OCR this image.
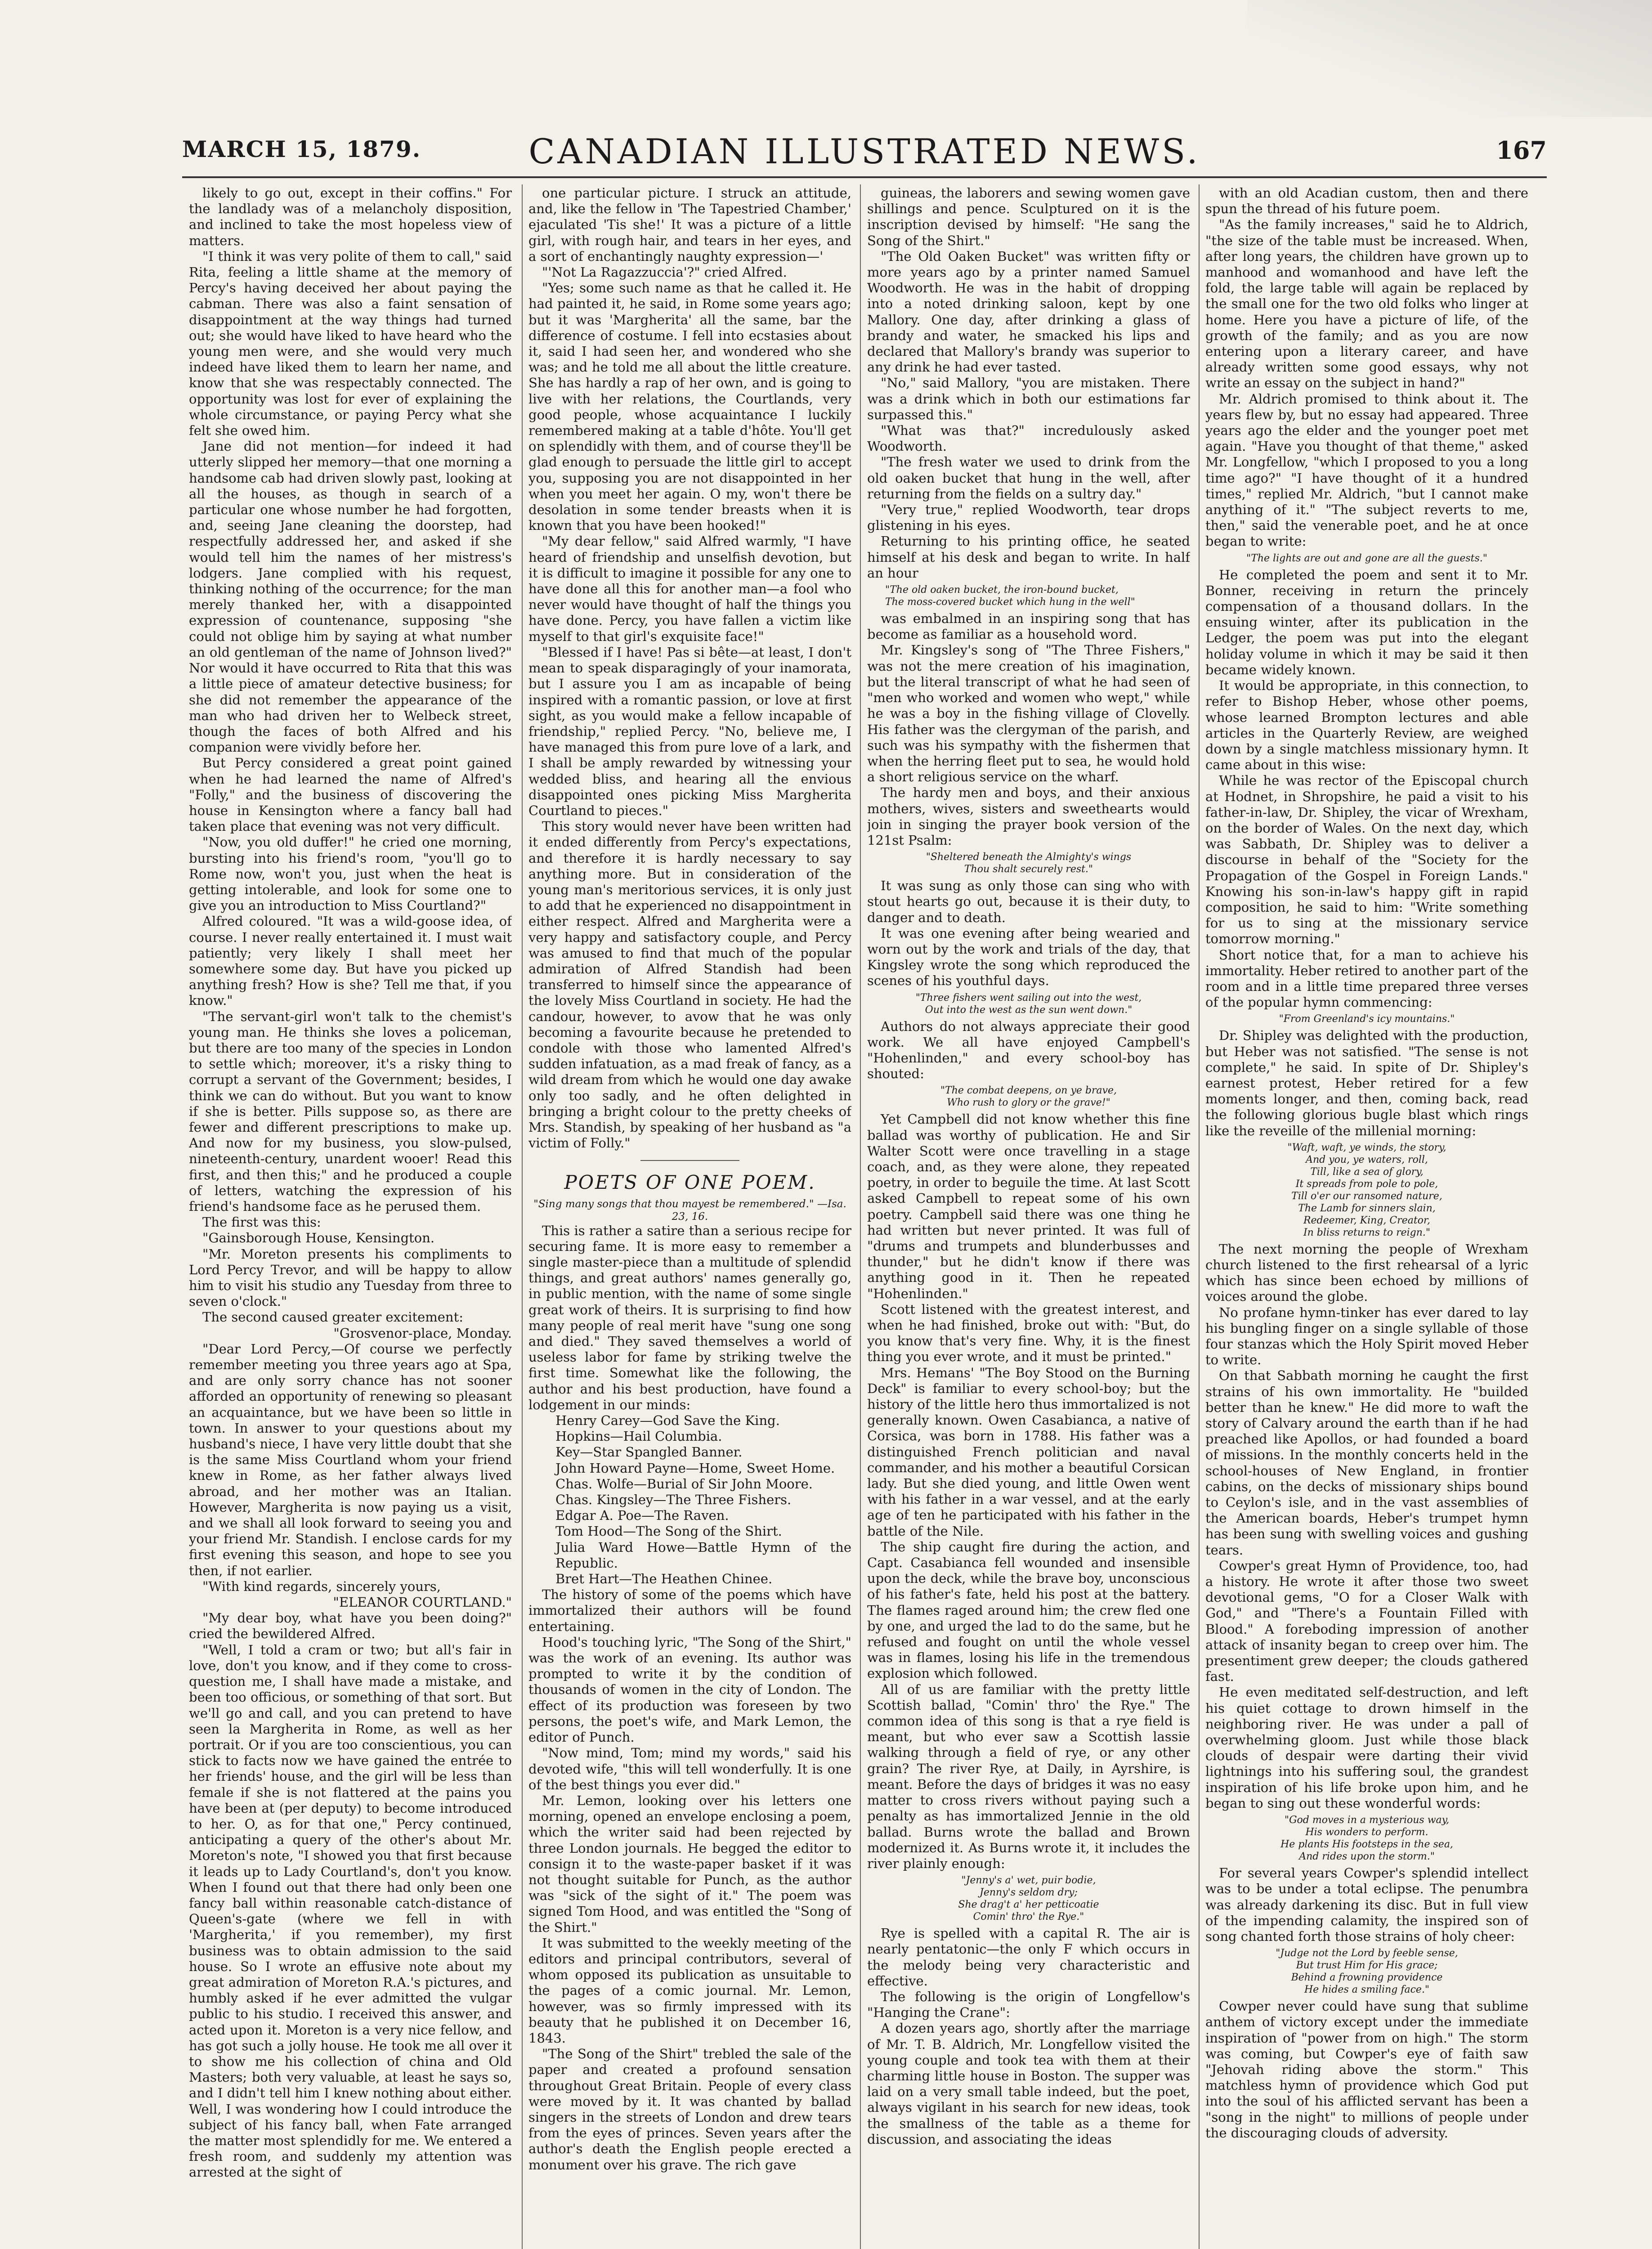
MARCH 15, 1879.	CANADIAN ILLUSTRATED NEWS.	167

likely to go out, except in their coffins." For the landlady was of a melancholy disposition, and inclined to take the most hopeless view of matters.

"I think it was very polite of them to call," said Rita, feeling a little shame at the memory of Percy's having deceived her about paying the cabman. There was also a faint sensation of disappointment at the way things had turned out; she would have liked to have heard who the young men were, and she would very much indeed have liked them to learn her name, and know that she was respectably connected. The opportunity was lost for ever of explaining the whole circumstance, or paying Percy what she felt she owed him.

Jane did not mention—for indeed it had utterly slipped her memory—that one morning a handsome cab had driven slowly past, looking at all the houses, as though in search of a particular one whose number he had forgotten, and, seeing Jane cleaning the doorstep, had respectfully addressed her, and asked if she would tell him the names of her mistress's lodgers. Jane complied with his request, thinking nothing of the occurrence; for the man merely thanked her, with a disappointed expression of countenance, supposing "she could not oblige him by saying at what number an old gentleman of the name of Johnson lived?" Nor would it have occurred to Rita that this was a little piece of amateur detective business; for she did not remember the appearance of the man who had driven her to Welbeck street, though the faces of both Alfred and his companion were vividly before her.

But Percy considered a great point gained when he had learned the name of Alfred's "Folly," and the business of discovering the house in Kensington where a fancy ball had taken place that evening was not very difficult.

"Now, you old duffer!" he cried one morning, bursting into his friend's room, "you'll go to Rome now, won't you, just when the heat is getting intolerable, and look for some one to give you an introduction to Miss Courtland?"

Alfred coloured. "It was a wild-goose idea, of course. I never really entertained it. I must wait patiently; very likely I shall meet her somewhere some day. But have you picked up anything fresh? How is she? Tell me that, if you know."

"The servant-girl won't talk to the chemist's young man. He thinks she loves a policeman, but there are too many of the species in London to settle which; moreover, it's a risky thing to corrupt a servant of the Government; besides, I think we can do without. But you want to know if she is better. Pills suppose so, as there are fewer and different prescriptions to make up. And now for my business, you slow-pulsed, nineteenth-century, unardent wooer! Read this first, and then this;" and he produced a couple of letters, watching the expression of his friend's handsome face as he perused them.

The first was this:

"Gainsborough House, Kensington.

"Mr. Moreton presents his compliments to Lord Percy Trevor, and will be happy to allow him to visit his studio any Tuesday from three to seven o'clock."

The second caused greater excitement:

"Grosvenor-place, Monday.

"Dear Lord Percy,—Of course we perfectly remember meeting you three years ago at Spa, and are only sorry chance has not sooner afforded an opportunity of renewing so pleasant an acquaintance, but we have been so little in town. In answer to your questions about my husband's niece, I have very little doubt that she is the same Miss Courtland whom your friend knew in Rome, as her father always lived abroad, and her mother was an Italian. However, Margherita is now paying us a visit, and we shall all look forward to seeing you and your friend Mr. Standish. I enclose cards for my first evening this season, and hope to see you then, if not earlier.

"With kind regards, sincerely yours,

"ELEANOR COURTLAND."

"My dear boy, what have you been doing?" cried the bewildered Alfred.

"Well, I told a cram or two; but all's fair in love, don't you know, and if they come to cross-question me, I shall have made a mistake, and been too officious, or something of that sort. But we'll go and call, and you can pretend to have seen la Margherita in Rome, as well as her portrait. Or if you are too conscientious, you can stick to facts now we have gained the entrée to her friends' house, and the girl will be less than female if she is not flattered at the pains you have been at (per deputy) to become introduced to her. O, as for that one," Percy continued, anticipating a query of the other's about Mr. Moreton's note, "I showed you that first because it leads up to Lady Courtland's, don't you know. When I found out that there had only been one fancy ball within reasonable catch-distance of Queen's-gate (where we fell in with 'Margherita,' if you remember), my first business was to obtain admission to the said house. So I wrote an effusive note about my great admiration of Moreton R.A.'s pictures, and humbly asked if he ever admitted the vulgar public to his studio. I received this answer, and acted upon it. Moreton is a very nice fellow, and has got such a jolly house. He took me all over it to show me his collection of china and Old Masters; both very valuable, at least he says so, and I didn't tell him I knew nothing about either. Well, I was wondering how I could introduce the subject of his fancy ball, when Fate arranged the matter most splendidly for me. We entered a fresh room, and suddenly my attention was arrested at the sight of

one particular picture. I struck an attitude, and, like the fellow in 'The Tapestried Chamber,' ejaculated 'Tis she!' It was a picture of a little girl, with rough hair, and tears in her eyes, and a sort of enchantingly naughty expression—'

"'Not La Ragazzuccia'?" cried Alfred.

"Yes; some such name as that he called it. He had painted it, he said, in Rome some years ago; but it was 'Margherita' all the same, bar the difference of costume. I fell into ecstasies about it, said I had seen her, and wondered who she was; and he told me all about the little creature. She has hardly a rap of her own, and is going to live with her relations, the Courtlands, very good people, whose acquaintance I luckily remembered making at a table d'hôte. You'll get on splendidly with them, and of course they'll be glad enough to persuade the little girl to accept you, supposing you are not disappointed in her when you meet her again. O my, won't there be desolation in some tender breasts when it is known that you have been hooked!"

"My dear fellow," said Alfred warmly, "I have heard of friendship and unselfish devotion, but it is difficult to imagine it possible for any one to have done all this for another man—a fool who never would have thought of half the things you have done. Percy, you have fallen a victim like myself to that girl's exquisite face!"

"Blessed if I have! Pas si bête—at least, I don't mean to speak disparagingly of your inamorata, but I assure you I am as incapable of being inspired with a romantic passion, or love at first sight, as you would make a fellow incapable of friendship," replied Percy. "No, believe me, I have managed this from pure love of a lark, and I shall be amply rewarded by witnessing your wedded bliss, and hearing all the envious disappointed ones picking Miss Margherita Courtland to pieces."

This story would never have been written had it ended differently from Percy's expectations, and therefore it is hardly necessary to say anything more. But in consideration of the young man's meritorious services, it is only just to add that he experienced no disappointment in either respect. Alfred and Margherita were a very happy and satisfactory couple, and Percy was amused to find that much of the popular admiration of Alfred Standish had been transferred to himself since the appearance of the lovely Miss Courtland in society. He had the candour, however, to avow that he was only becoming a favourite because he pretended to condole with those who lamented Alfred's sudden infatuation, as a mad freak of fancy, as a wild dream from which he would one day awake only too sadly, and he often delighted in bringing a bright colour to the pretty cheeks of Mrs. Standish, by speaking of her husband as "a victim of Folly."

POETS OF ONE POEM.

"Sing many songs that thou mayest be remembered." —Isa. 23, 16.

This is rather a satire than a serious recipe for securing fame. It is more easy to remember a single master-piece than a multitude of splendid things, and great authors' names generally go, in public mention, with the name of some single great work of theirs. It is surprising to find how many people of real merit have "sung one song and died." They saved themselves a world of useless labor for fame by striking twelve the first time. Somewhat like the following, the author and his best production, have found a lodgement in our minds:

Henry Carey—God Save the King.

Hopkins—Hail Columbia.

Key—Star Spangled Banner.

John Howard Payne—Home, Sweet Home.

Chas. Wolfe—Burial of Sir John Moore.

Chas. Kingsley—The Three Fishers.

Edgar A. Poe—The Raven.

Tom Hood—The Song of the Shirt.

Julia Ward Howe—Battle Hymn of the Republic.

Bret Hart—The Heathen Chinee.

The history of some of the poems which have immortalized their authors will be found entertaining.

Hood's touching lyric, "The Song of the Shirt," was the work of an evening. Its author was prompted to write it by the condition of thousands of women in the city of London. The effect of its production was foreseen by two persons, the poet's wife, and Mark Lemon, the editor of Punch.

"Now mind, Tom; mind my words," said his devoted wife, "this will tell wonderfully. It is one of the best things you ever did."

Mr. Lemon, looking over his letters one morning, opened an envelope enclosing a poem, which the writer said had been rejected by three London journals. He begged the editor to consign it to the waste-paper basket if it was not thought suitable for Punch, as the author was "sick of the sight of it." The poem was signed Tom Hood, and was entitled the "Song of the Shirt."

It was submitted to the weekly meeting of the editors and principal contributors, several of whom opposed its publication as unsuitable to the pages of a comic journal. Mr. Lemon, however, was so firmly impressed with its beauty that he published it on December 16, 1843.

"The Song of the Shirt" trebled the sale of the paper and created a profound sensation throughout Great Britain. People of every class were moved by it. It was chanted by ballad singers in the streets of London and drew tears from the eyes of princes. Seven years after the author's death the English people erected a monument over his grave. The rich gave

guineas, the laborers and sewing women gave shillings and pence. Sculptured on it is the inscription devised by himself: "He sang the Song of the Shirt."

"The Old Oaken Bucket" was written fifty or more years ago by a printer named Samuel Woodworth. He was in the habit of dropping into a noted drinking saloon, kept by one Mallory. One day, after drinking a glass of brandy and water, he smacked his lips and declared that Mallory's brandy was superior to any drink he had ever tasted.

"No," said Mallory, "you are mistaken. There was a drink which in both our estimations far surpassed this."

"What was that?" incredulously asked Woodworth.

"The fresh water we used to drink from the old oaken bucket that hung in the well, after returning from the fields on a sultry day."

"Very true," replied Woodworth, tear drops glistening in his eyes.

Returning to his printing office, he seated himself at his desk and began to write. In half an hour

"The old oaken bucket, the iron-bound bucket,
The moss-covered bucket which hung in the well"

was embalmed in an inspiring song that has become as familiar as a household word.

Mr. Kingsley's song of "The Three Fishers," was not the mere creation of his imagination, but the literal transcript of what he had seen of "men who worked and women who wept," while he was a boy in the fishing village of Clovelly. His father was the clergyman of the parish, and such was his sympathy with the fishermen that when the herring fleet put to sea, he would hold a short religious service on the wharf.

The hardy men and boys, and their anxious mothers, wives, sisters and sweethearts would join in singing the prayer book version of the 121st Psalm:

"Sheltered beneath the Almighty's wings
Thou shalt securely rest."

It was sung as only those can sing who with stout hearts go out, because it is their duty, to danger and to death.

It was one evening after being wearied and worn out by the work and trials of the day, that Kingsley wrote the song which reproduced the scenes of his youthful days.

"Three fishers went sailing out into the west,
Out into the west as the sun went down."

Authors do not always appreciate their good work. We all have enjoyed Campbell's "Hohenlinden," and every school-boy has shouted:

"The combat deepens, on ye brave,
Who rush to glory or the grave!"

Yet Campbell did not know whether this fine ballad was worthy of publication. He and Sir Walter Scott were once travelling in a stage coach, and, as they were alone, they repeated poetry, in order to beguile the time. At last Scott asked Campbell to repeat some of his own poetry. Campbell said there was one thing he had written but never printed. It was full of "drums and trumpets and blunderbusses and thunder," but he didn't know if there was anything good in it. Then he repeated "Hohenlinden."

Scott listened with the greatest interest, and when he had finished, broke out with: "But, do you know that's very fine. Why, it is the finest thing you ever wrote, and it must be printed."

Mrs. Hemans' "The Boy Stood on the Burning Deck" is familiar to every school-boy; but the history of the little hero thus immortalized is not generally known. Owen Casabianca, a native of Corsica, was born in 1788. His father was a distinguished French politician and naval commander, and his mother a beautiful Corsican lady. But she died young, and little Owen went with his father in a war vessel, and at the early age of ten he participated with his father in the battle of the Nile.

The ship caught fire during the action, and Capt. Casabianca fell wounded and insensible upon the deck, while the brave boy, unconscious of his father's fate, held his post at the battery. The flames raged around him; the crew fled one by one, and urged the lad to do the same, but he refused and fought on until the whole vessel was in flames, losing his life in the tremendous explosion which followed.

All of us are familiar with the pretty little Scottish ballad, "Comin' thro' the Rye." The common idea of this song is that a rye field is meant, but who ever saw a Scottish lassie walking through a field of rye, or any other grain? The river Rye, at Daily, in Ayrshire, is meant. Before the days of bridges it was no easy matter to cross rivers without paying such a penalty as has immortalized Jennie in the old ballad. Burns wrote the ballad and Brown modernized it. As Burns wrote it, it includes the river plainly enough:

"Jenny's a' wet, puir bodie,
Jenny's seldom dry;
She drag't a' her petticoatie
Comin' thro' the Rye."

Rye is spelled with a capital R. The air is nearly pentatonic—the only F which occurs in the melody being very characteristic and effective.

The following is the origin of Longfellow's "Hanging the Crane":

A dozen years ago, shortly after the marriage of Mr. T. B. Aldrich, Mr. Longfellow visited the young couple and took tea with them at their charming little house in Boston. The supper was laid on a very small table indeed, but the poet, always vigilant in his search for new ideas, took the smallness of the table as a theme for discussion, and associating the ideas

with an old Acadian custom, then and there spun the thread of his future poem.

"As the family increases," said he to Aldrich, "the size of the table must be increased. When, after long years, the children have grown up to manhood and womanhood and have left the fold, the large table will again be replaced by the small one for the two old folks who linger at home. Here you have a picture of life, of the growth of the family; and as you are now entering upon a literary career, and have already written some good essays, why not write an essay on the subject in hand?"

Mr. Aldrich promised to think about it. The years flew by, but no essay had appeared. Three years ago the elder and the younger poet met again. "Have you thought of that theme," asked Mr. Longfellow, "which I proposed to you a long time ago?" "I have thought of it a hundred times," replied Mr. Aldrich, "but I cannot make anything of it." "The subject reverts to me, then," said the venerable poet, and he at once began to write:

"The lights are out and gone are all the guests."

He completed the poem and sent it to Mr. Bonner, receiving in return the princely compensation of a thousand dollars. In the ensuing winter, after its publication in the Ledger, the poem was put into the elegant holiday volume in which it may be said it then became widely known.

It would be appropriate, in this connection, to refer to Bishop Heber, whose other poems, whose learned Brompton lectures and able articles in the Quarterly Review, are weighed down by a single matchless missionary hymn. It came about in this wise:

While he was rector of the Episcopal church at Hodnet, in Shropshire, he paid a visit to his father-in-law, Dr. Shipley, the vicar of Wrexham, on the border of Wales. On the next day, which was Sabbath, Dr. Shipley was to deliver a discourse in behalf of the "Society for the Propagation of the Gospel in Foreign Lands." Knowing his son-in-law's happy gift in rapid composition, he said to him: "Write something for us to sing at the missionary service tomorrow morning."

Short notice that, for a man to achieve his immortality. Heber retired to another part of the room and in a little time prepared three verses of the popular hymn commencing:

"From Greenland's icy mountains."

Dr. Shipley was delighted with the production, but Heber was not satisfied. "The sense is not complete," he said. In spite of Dr. Shipley's earnest protest, Heber retired for a few moments longer, and then, coming back, read the following glorious bugle blast which rings like the reveille of the millenial morning:

"Waft, waft, ye winds, the story,
And you, ye waters, roll,
Till, like a sea of glory,
It spreads from pole to pole,
Till o'er our ransomed nature,
The Lamb for sinners slain,
Redeemer, King, Creator,
In bliss returns to reign."

The next morning the people of Wrexham church listened to the first rehearsal of a lyric which has since been echoed by millions of voices around the globe.

No profane hymn-tinker has ever dared to lay his bungling finger on a single syllable of those four stanzas which the Holy Spirit moved Heber to write.

On that Sabbath morning he caught the first strains of his own immortality. He "builded better than he knew." He did more to waft the story of Calvary around the earth than if he had preached like Apollos, or had founded a board of missions. In the monthly concerts held in the school-houses of New England, in frontier cabins, on the decks of missionary ships bound to Ceylon's isle, and in the vast assemblies of the American boards, Heber's trumpet hymn has been sung with swelling voices and gushing tears.

Cowper's great Hymn of Providence, too, had a history. He wrote it after those two sweet devotional gems, "O for a Closer Walk with God," and "There's a Fountain Filled with Blood." A foreboding impression of another attack of insanity began to creep over him. The presentiment grew deeper; the clouds gathered fast.

He even meditated self-destruction, and left his quiet cottage to drown himself in the neighboring river. He was under a pall of overwhelming gloom. Just while those black clouds of despair were darting their vivid lightnings into his suffering soul, the grandest inspiration of his life broke upon him, and he began to sing out these wonderful words:

"God moves in a mysterious way,
His wonders to perform.
He plants His footsteps in the sea,
And rides upon the storm."

For several years Cowper's splendid intellect was to be under a total eclipse. The penumbra was already darkening its disc. But in full view of the impending calamity, the inspired son of song chanted forth those strains of holy cheer:

"Judge not the Lord by feeble sense,
But trust Him for His grace;
Behind a frowning providence
He hides a smiling face."

Cowper never could have sung that sublime anthem of victory except under the immediate inspiration of "power from on high." The storm was coming, but Cowper's eye of faith saw "Jehovah riding above the storm." This matchless hymn of providence which God put into the soul of his afflicted servant has been a "song in the night" to millions of people under the discouraging clouds of adversity.
